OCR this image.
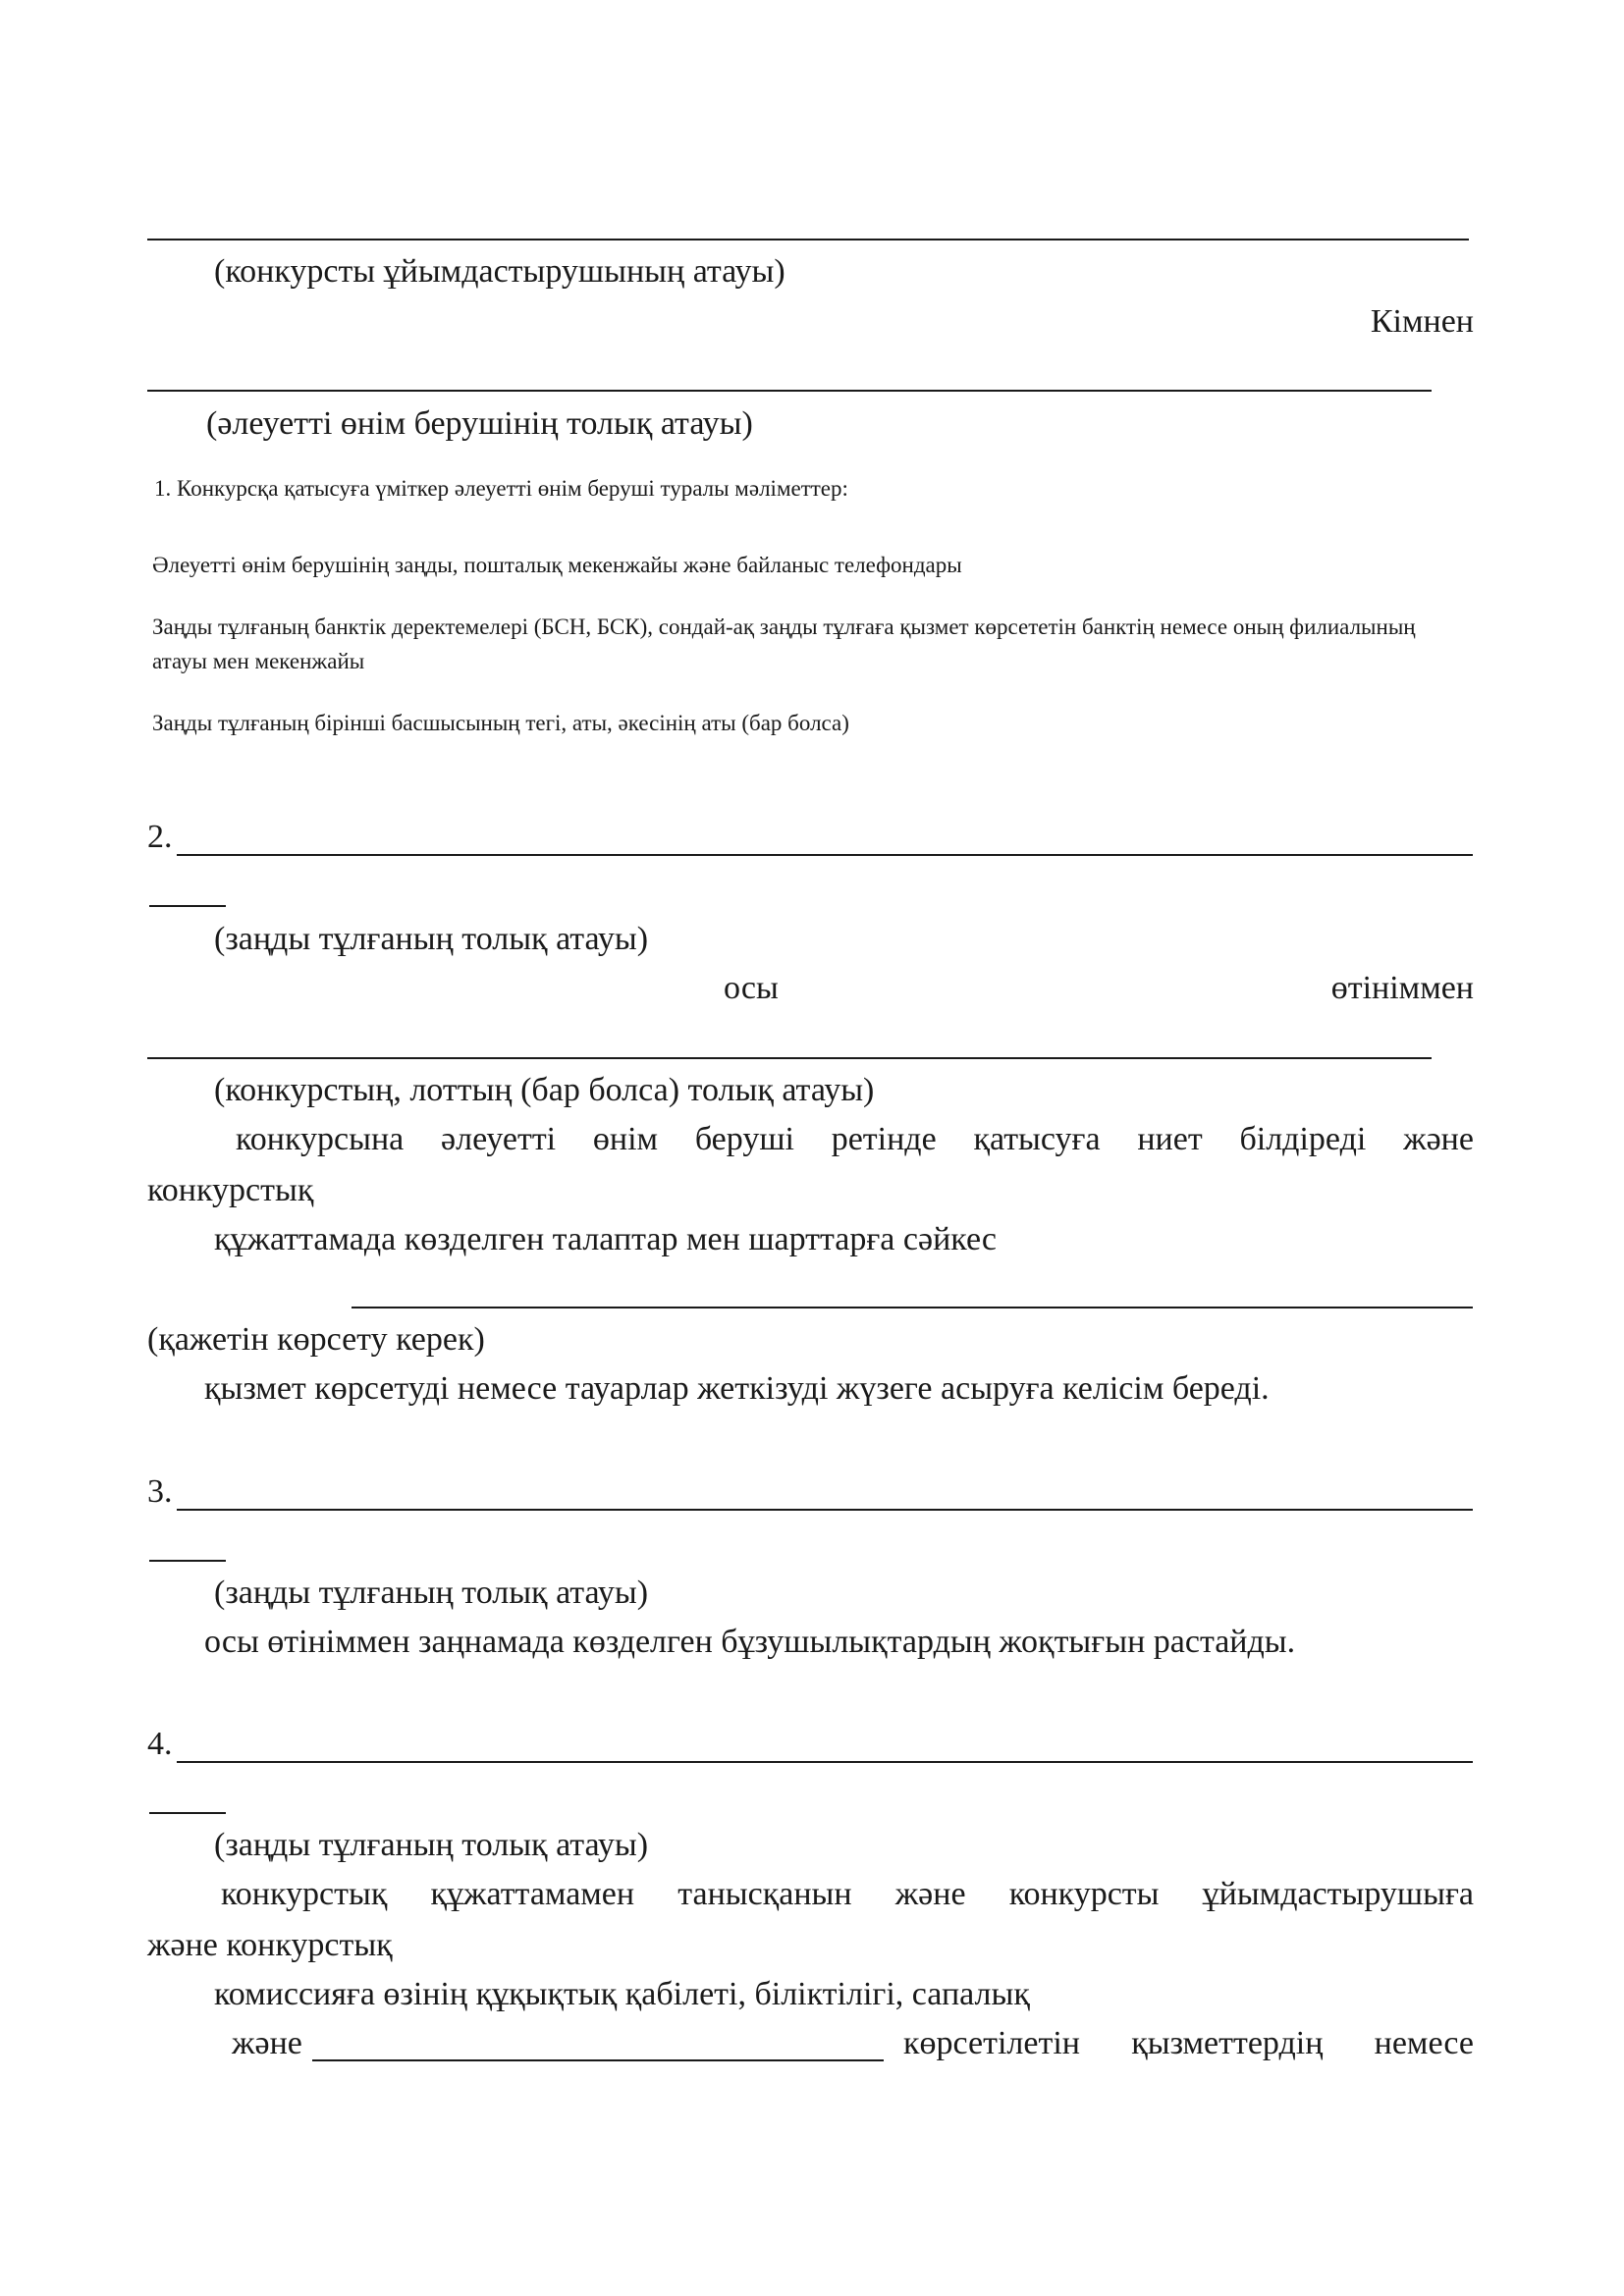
(конкурсты ұйымдастырушының атауы)
Кімнен
(әлеуетті өнім берушінің толық атауы)
1. Конкурсқа қатысуға үміткер әлеуетті өнім беруші туралы мәліметтер:
Әлеуетті өнім берушінің заңды, пошталық мекенжайы және байланыс телефондары
Заңды тұлғаның банктік деректемелері (БСН, БСК), сондай-ақ заңды тұлғаға қызмет көрсететін банктің немесе оның филиалының
атауы мен мекенжайы
Заңды тұлғаның бірінші басшысының тегі, аты, әкесінің аты (бар болса)
2.
(заңды тұлғаның толық атауы)
осы	өтініммен
(конкурстың, лоттың (бар болса) толық атауы)
конкурсына әлеуетті өнім беруші ретінде қатысуға ниет білдіреді және
конкурстық
құжаттамада көзделген талаптар мен шарттарға сәйкес
(қажетін көрсету керек)
қызмет көрсетуді немесе тауарлар жеткізуді жүзеге асыруға келісім береді.
3.
(заңды тұлғаның толық атауы)
осы өтініммен заңнамада көзделген бұзушылықтардың жоқтығын растайды.
4.
(заңды тұлғаның толық атауы)
конкурстық құжаттамамен танысқанын және конкурсты ұйымдастырушыға
және конкурстық
комиссияға өзінің құқықтық қабілеті, біліктілігі, сапалық
және	көрсетілетін қызметтердің немесе
